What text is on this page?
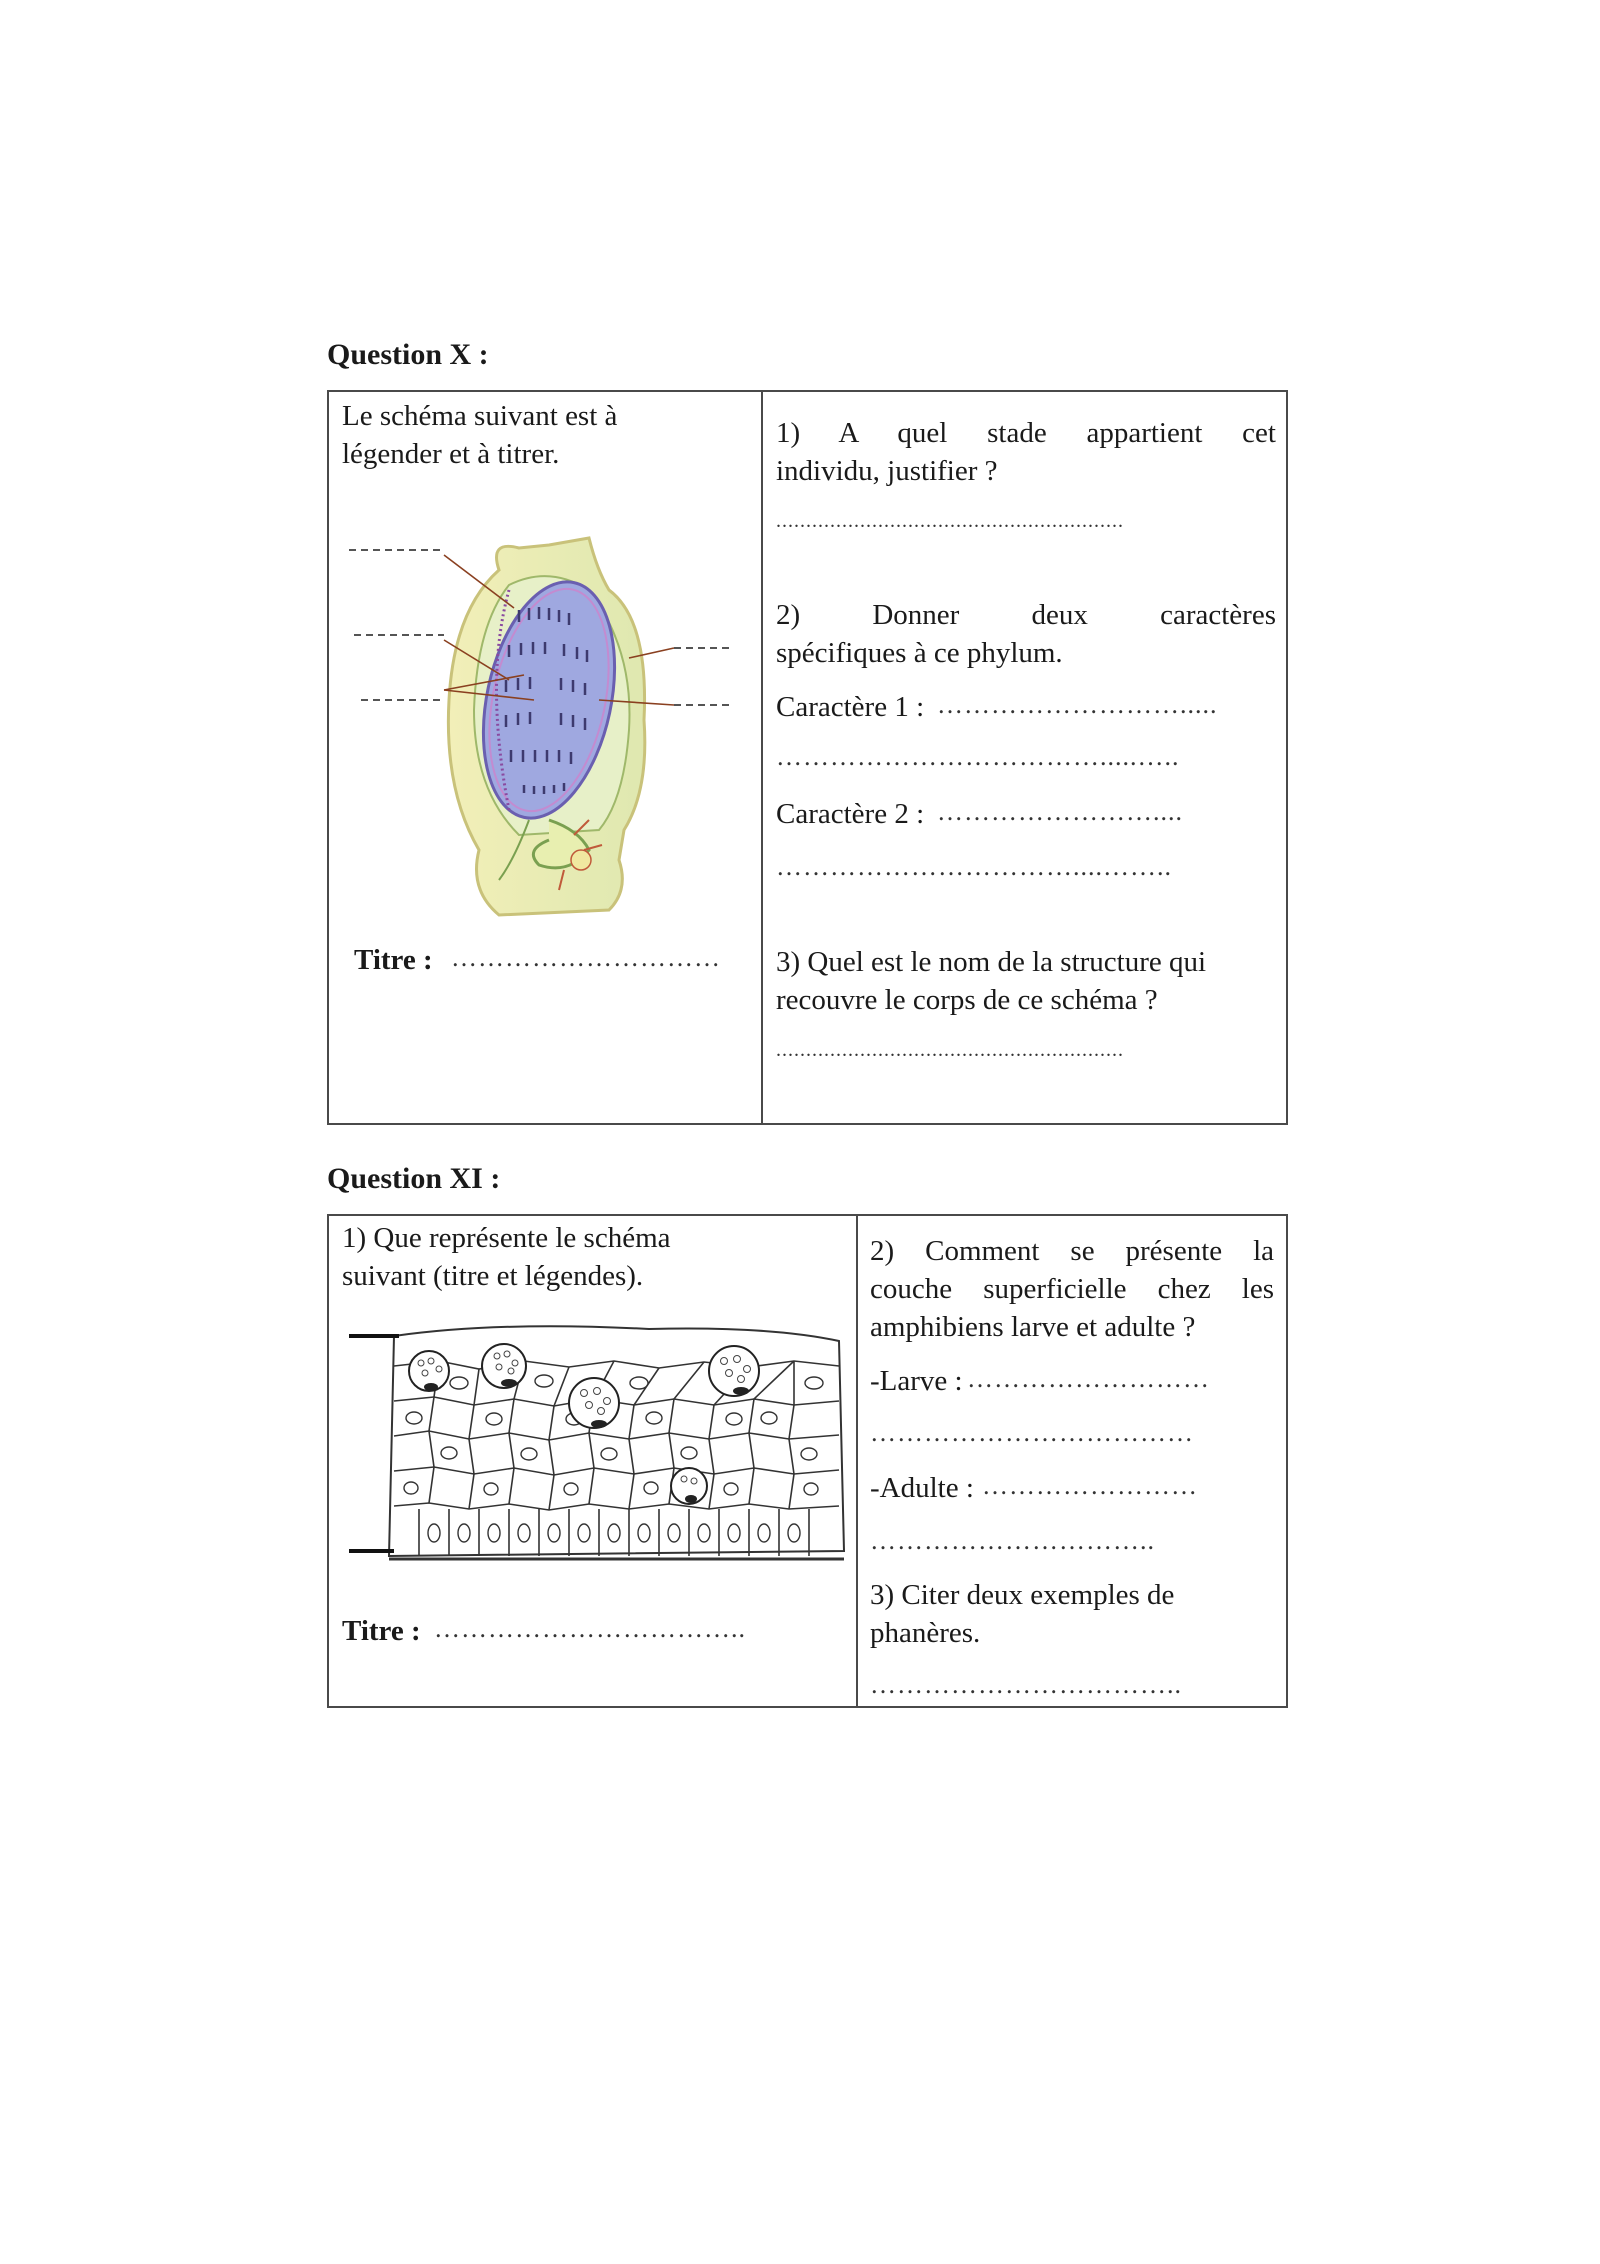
Question X :
Le schéma suivant est à
légender et à titrer.
Titre : …………………………
1) A quel stade appartient cet
individu, justifier ?
..........................................................
2) Donner deux caractères
spécifiques à ce phylum.
Caractère 1 : ……………………….....
……………………………….....…..
Caractère 2 : ……………………....
……………………………....……..
3) Quel est le nom de la structure qui
recouvre le corps de ce schéma ?
..........................................................
Question XI :
1) Que représente le schéma
suivant (titre et légendes).
Titre : ……………………………..
2) Comment se présente la
couche superficielle chez les
amphibiens larve et adulte ?
-Larve : ………………………
………………………………
-Adulte : ……………………
…………………………..
3) Citer deux exemples de
phanères.
……………………………..
